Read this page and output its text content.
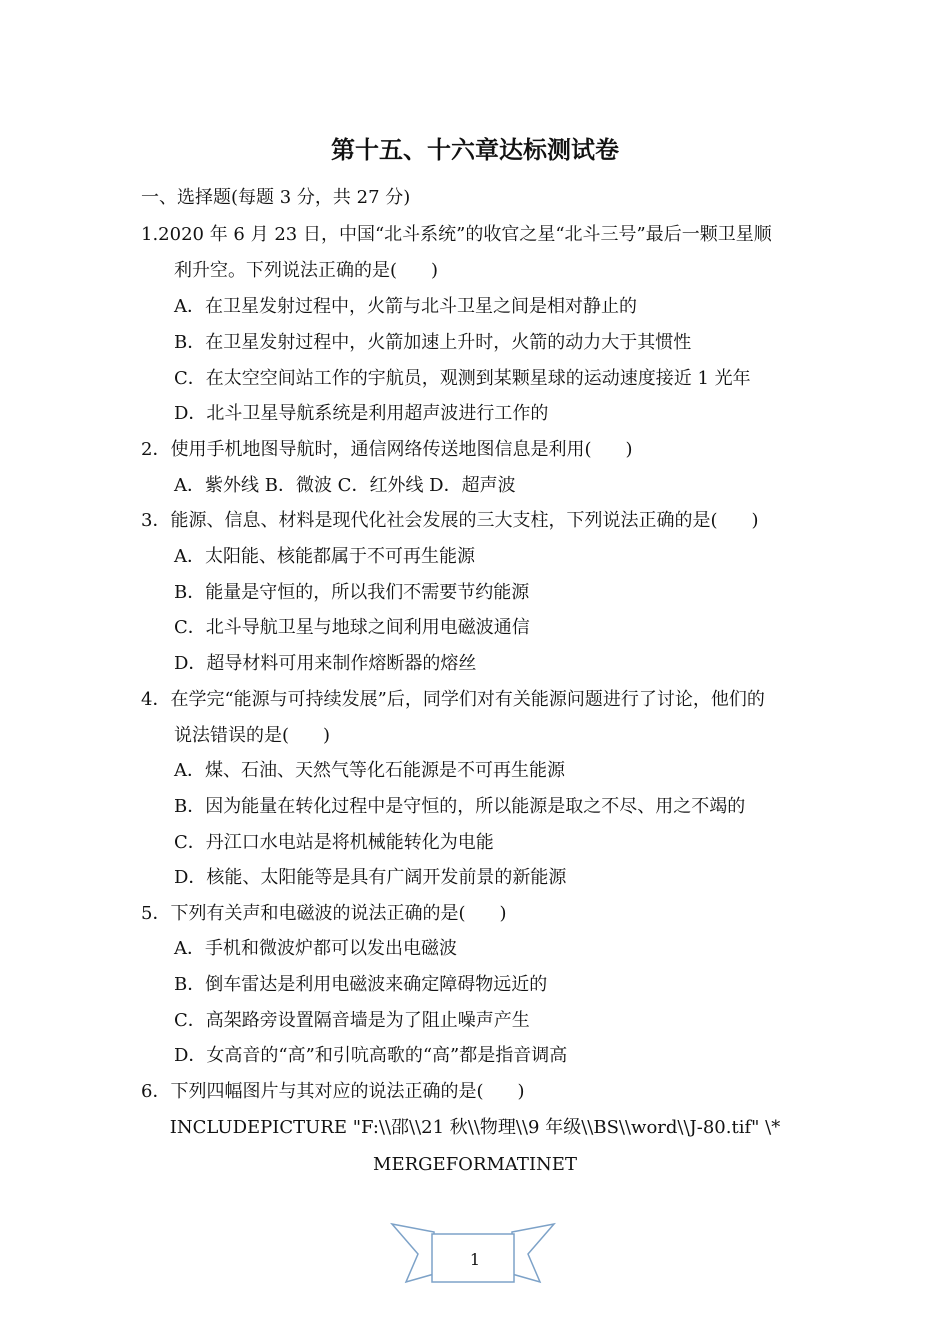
第十五、十六章达标测试卷
一、选择题(每题 3 分，共 27 分)
1.2020 年 6 月 23 日，中国“北斗系统”的收官之星“北斗三号”最后一颗卫星顺
利升空。下列说法正确的是( )
A．在卫星发射过程中，火箭与北斗卫星之间是相对静止的
B．在卫星发射过程中，火箭加速上升时，火箭的动力大于其惯性
C．在太空空间站工作的宇航员，观测到某颗星球的运动速度接近 1 光年
D．北斗卫星导航系统是利用超声波进行工作的
2．使用手机地图导航时，通信网络传送地图信息是利用( )
A．紫外线 B．微波 C．红外线 D．超声波
3．能源、信息、材料是现代化社会发展的三大支柱，下列说法正确的是( )
A．太阳能、核能都属于不可再生能源
B．能量是守恒的，所以我们不需要节约能源
C．北斗导航卫星与地球之间利用电磁波通信
D．超导材料可用来制作熔断器的熔丝
4．在学完“能源与可持续发展”后，同学们对有关能源问题进行了讨论，他们的
说法错误的是( )
A．煤、石油、天然气等化石能源是不可再生能源
B．因为能量在转化过程中是守恒的，所以能源是取之不尽、用之不竭的
C．丹江口水电站是将机械能转化为电能
D．核能、太阳能等是具有广阔开发前景的新能源
5．下列有关声和电磁波的说法正确的是( )
A．手机和微波炉都可以发出电磁波
B．倒车雷达是利用电磁波来确定障碍物远近的
C．高架路旁设置隔音墙是为了阻止噪声产生
D．女高音的“高”和引吭高歌的“高”都是指音调高
6．下列四幅图片与其对应的说法正确的是( )
INCLUDEPICTURE "F:\\邵\\21 秋\\物理\\9 年级\\BS\\word\\J-80.tif" \*
MERGEFORMATINET
1
